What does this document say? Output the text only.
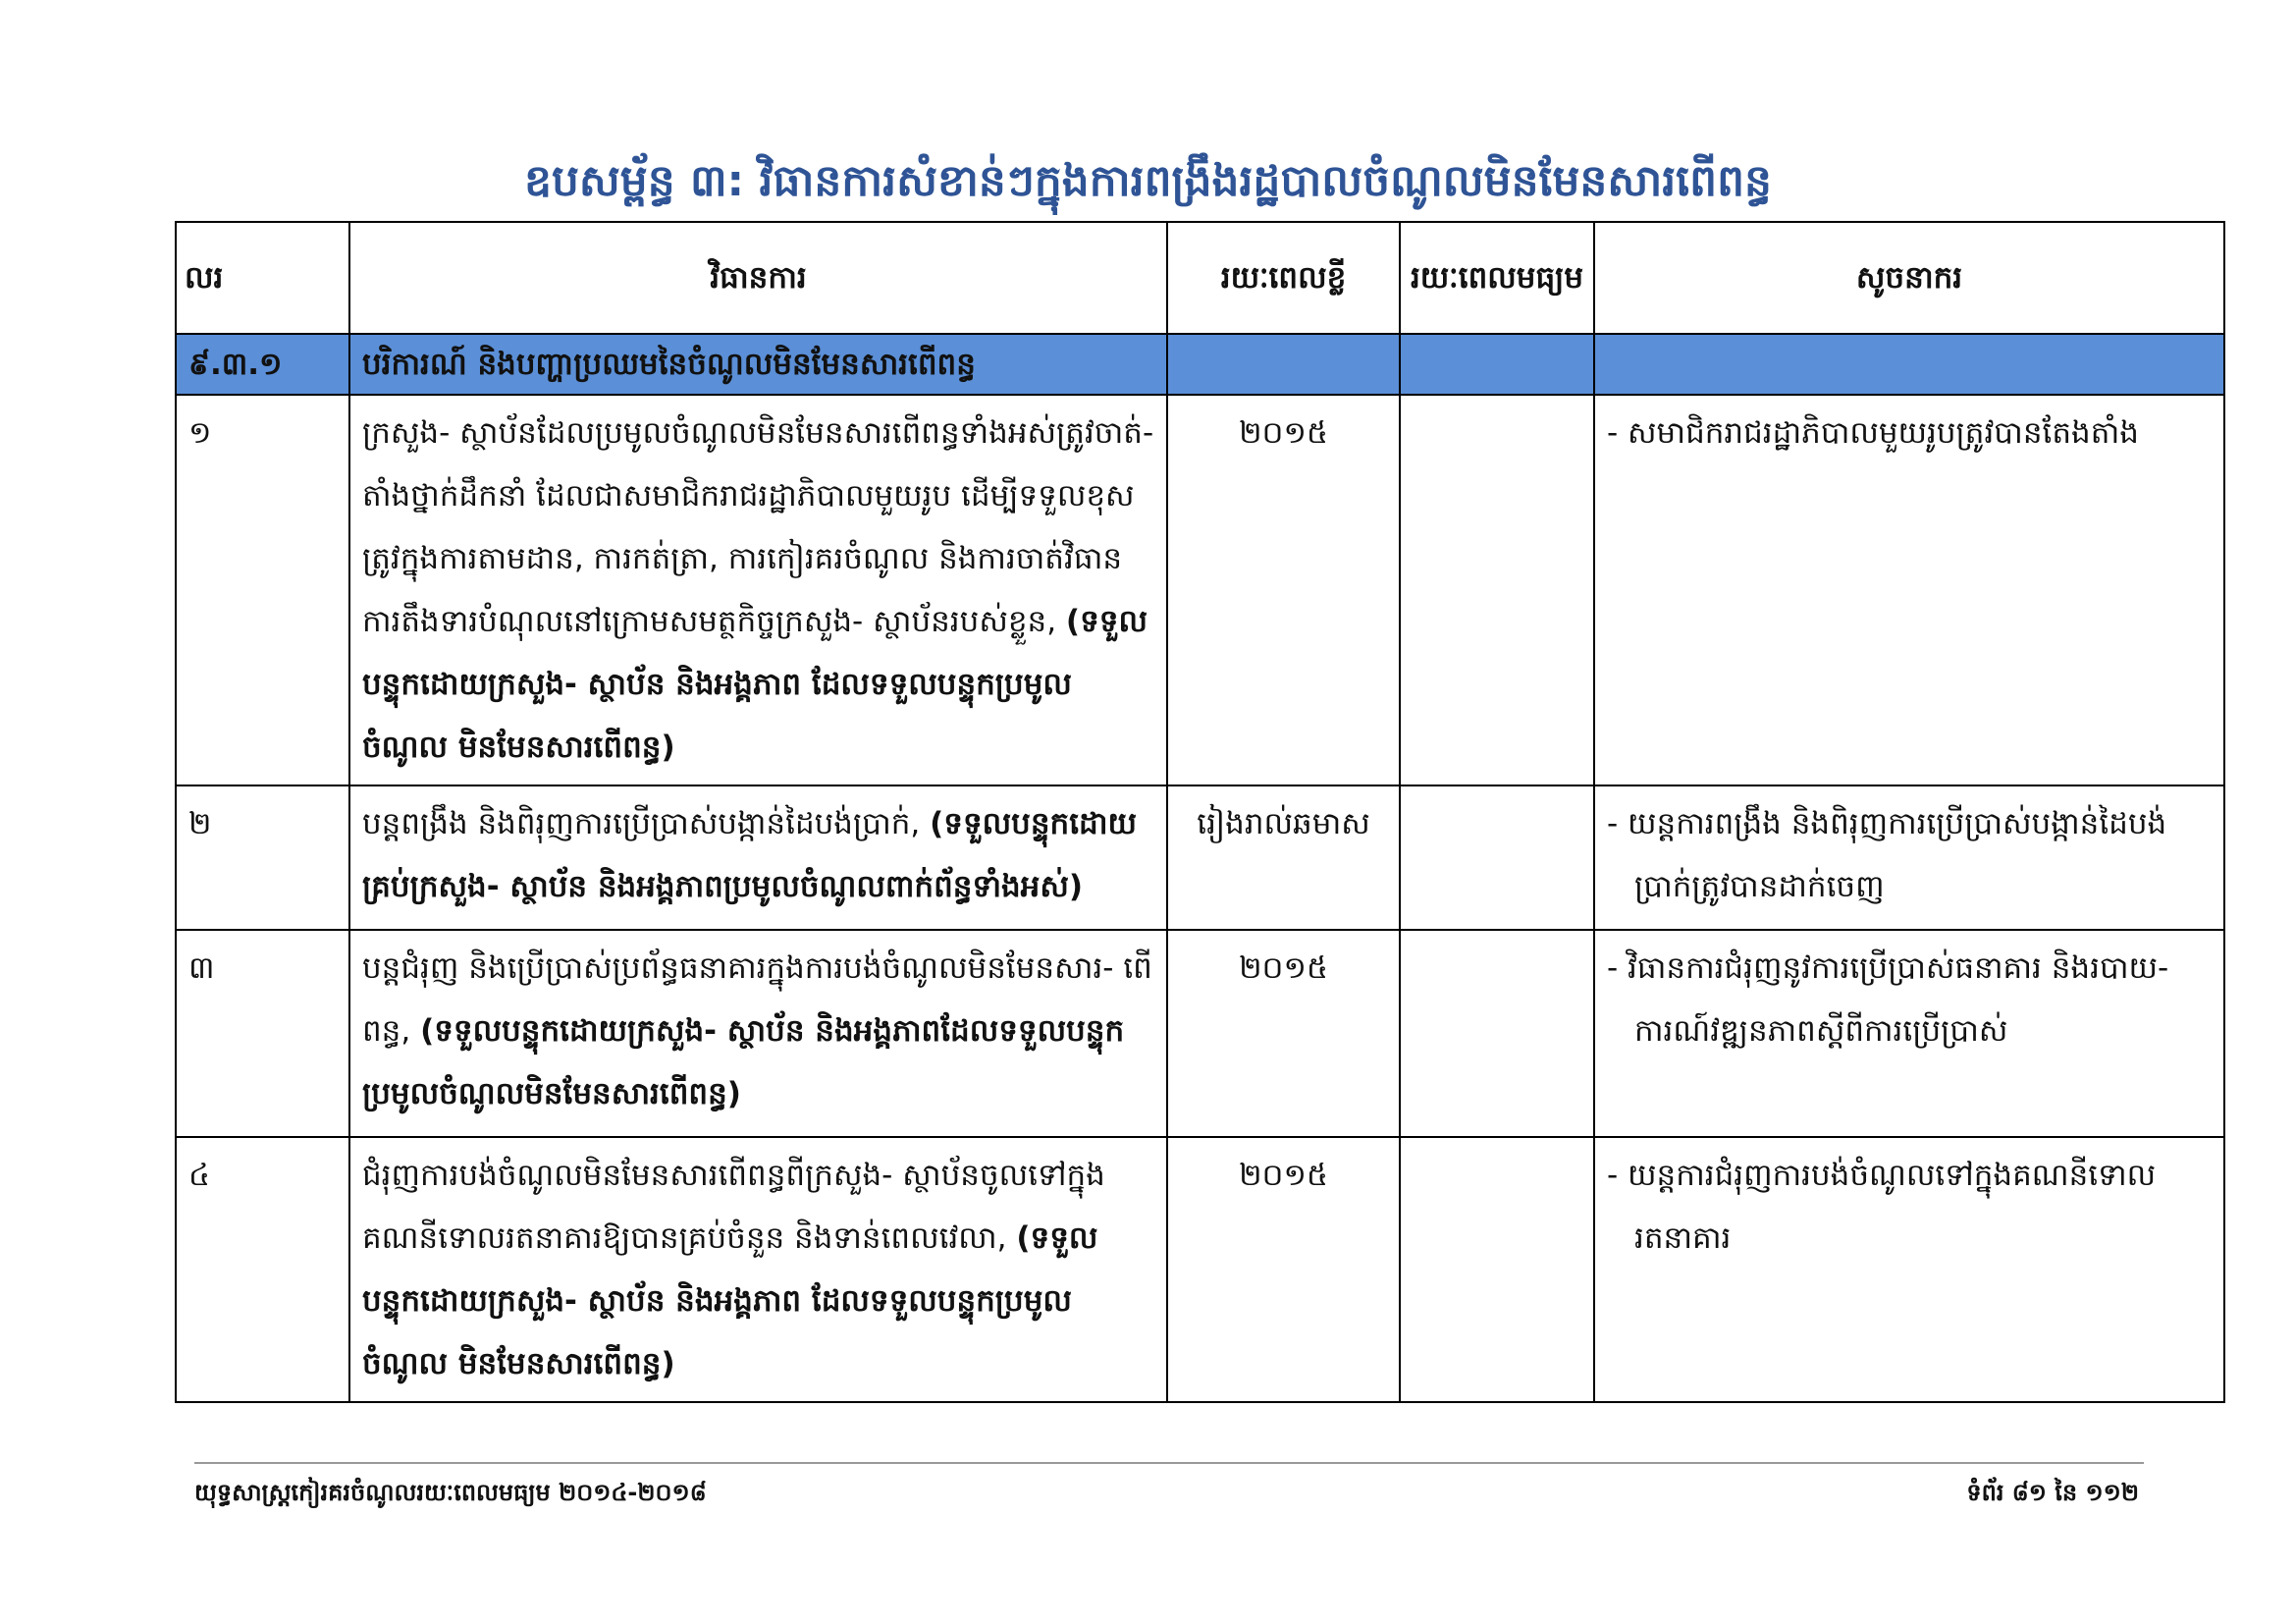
ឧបសម្ព័ន្ធ ៣: វិធានការសំខាន់ៗក្នុងការពង្រឹងរដ្ឋបាលចំណូលមិនមែនសារពើពន្ធ
លរ	វិធានការ	រយៈពេលខ្លី	រយៈពេលមធ្យម	សូចនាករ
៩.៣.១	បរិការណ៍ និងបញ្ហាប្រឈមនៃចំណូលមិនមែនសារពើពន្ធ			
១	ក្រសួង- ស្ថាប័នដែលប្រមូលចំណូលមិនមែនសារពើពន្ធទាំងអស់ត្រូវចាត់- តាំងថ្នាក់ដឹកនាំ ដែលជាសមាជិករាជរដ្ឋាភិបាលមួយរូប ដើម្បីទទួលខុស ត្រូវក្នុងការតាមដាន, ការកត់ត្រា, ការកៀរគរចំណូល និងការចាត់វិធាន ការតឹងទារបំណុលនៅក្រោមសមត្ថកិច្ចក្រសួង- ស្ថាប័នរបស់ខ្លួន, (ទទួល បន្ទុកដោយក្រសួង- ស្ថាប័ន និងអង្គភាព ដែលទទួលបន្ទុកប្រមូលចំណូល មិនមែនសារពើពន្ធ)	២០១៥		- សមាជិករាជរដ្ឋាភិបាលមួយរូបត្រូវបានតែងតាំង

២	បន្តពង្រឹង និងពិរុញការប្រើប្រាស់បង្កាន់ដៃបង់ប្រាក់, (ទទួលបន្ទុកដោយ គ្រប់ក្រសួង- ស្ថាប័ន និងអង្គភាពប្រមូលចំណូលពាក់ព័ន្ធទាំងអស់)	រៀងរាល់ឆមាស		- យន្តការពង្រឹង និងពិរុញការប្រើប្រាស់បង្កាន់ដៃបង់ ប្រាក់ត្រូវបានដាក់ចេញ

៣	បន្តជំរុញ និងប្រើប្រាស់ប្រព័ន្ធធនាគារក្នុងការបង់ចំណូលមិនមែនសារ- ពើពន្ធ, (ទទួលបន្ទុកដោយក្រសួង- ស្ថាប័ន និងអង្គភាពដែលទទួលបន្ទុក ប្រមូលចំណូលមិនមែនសារពើពន្ធ)	២០១៥		- វិធានការជំរុញនូវការប្រើប្រាស់ធនាគារ និងរបាយ- ការណ៍វឌ្ឍនភាពស្តីពីការប្រើប្រាស់

៤	ជំរុញការបង់ចំណូលមិនមែនសារពើពន្ធពីក្រសួង- ស្ថាប័នចូលទៅក្នុង គណនីទោលរតនាគារឱ្យបានគ្រប់ចំនួន និងទាន់ពេលវេលា, (ទទួល បន្ទុកដោយក្រសួង- ស្ថាប័ន និងអង្គភាព ដែលទទួលបន្ទុកប្រមូលចំណូល មិនមែនសារពើពន្ធ)	២០១៥		- យន្តការជំរុញការបង់ចំណូលទៅក្នុងគណនីទោល រតនាគារ
យុទ្ធសាស្ត្រកៀរគរចំណូលរយៈពេលមធ្យម ២០១៤-២០១៨	ទំព័រ ៨១ នៃ ១១២
